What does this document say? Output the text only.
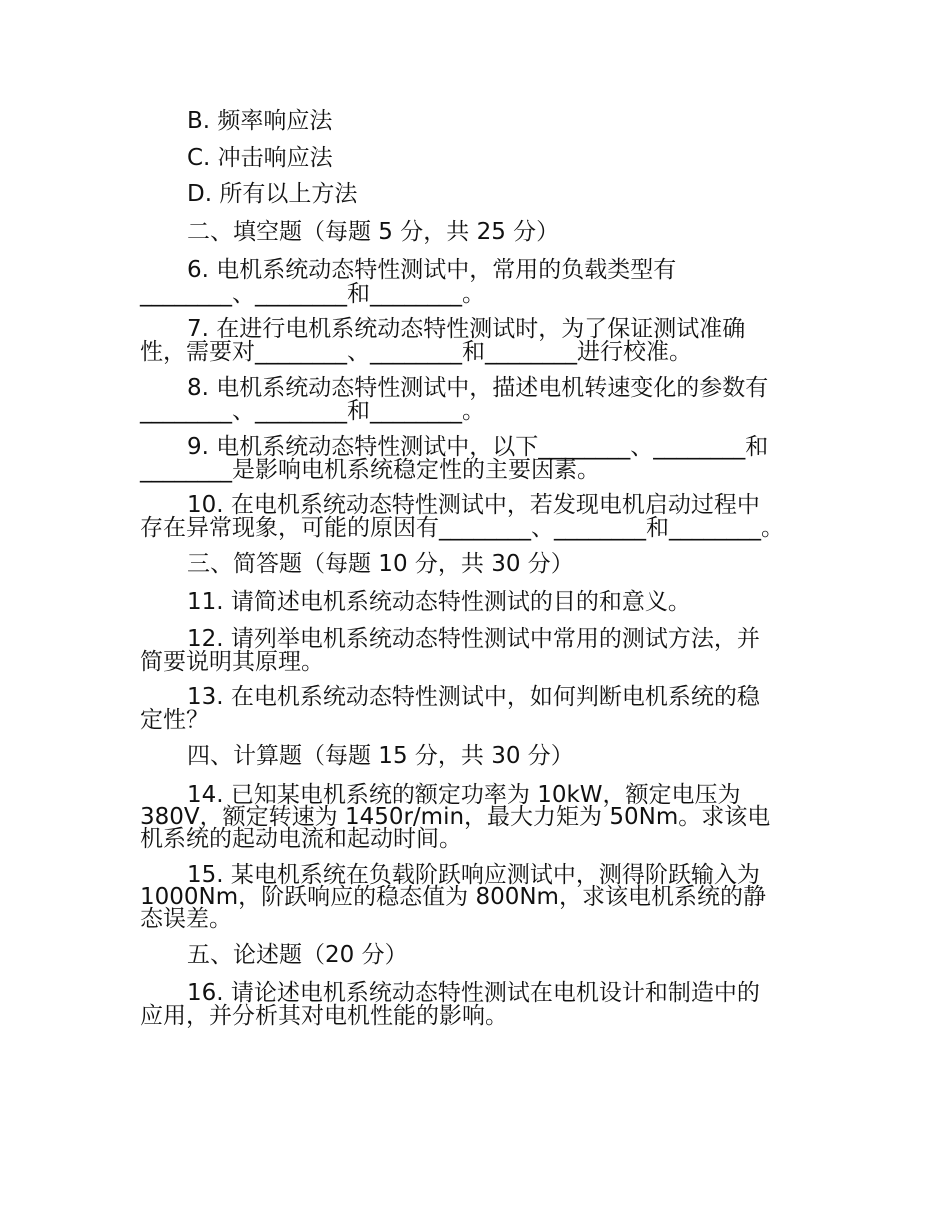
B. 频率响应法
C. 冲击响应法
D. 所有以上方法
二、填空题（每题 5 分，共 25 分）
6. 电机系统动态特性测试中，常用的负载类型有
________、________和________。
7. 在进行电机系统动态特性测试时，为了保证测试准确
性，需要对________、________和________进行校准。
8. 电机系统动态特性测试中，描述电机转速变化的参数有
________、________和________。
9. 电机系统动态特性测试中，以下________、________和
________是影响电机系统稳定性的主要因素。
10. 在电机系统动态特性测试中，若发现电机启动过程中
存在异常现象，可能的原因有________、________和________。
三、简答题（每题 10 分，共 30 分）
11. 请简述电机系统动态特性测试的目的和意义。
12. 请列举电机系统动态特性测试中常用的测试方法，并
简要说明其原理。
13. 在电机系统动态特性测试中，如何判断电机系统的稳
定性？
四、计算题（每题 15 分，共 30 分）
14. 已知某电机系统的额定功率为 10kW，额定电压为
380V，额定转速为 1450r/min，最大力矩为 50Nm。求该电
机系统的起动电流和起动时间。
15. 某电机系统在负载阶跃响应测试中，测得阶跃输入为
1000Nm，阶跃响应的稳态值为 800Nm，求该电机系统的静
态误差。
五、论述题（20 分）
16. 请论述电机系统动态特性测试在电机设计和制造中的
应用，并分析其对电机性能的影响。
